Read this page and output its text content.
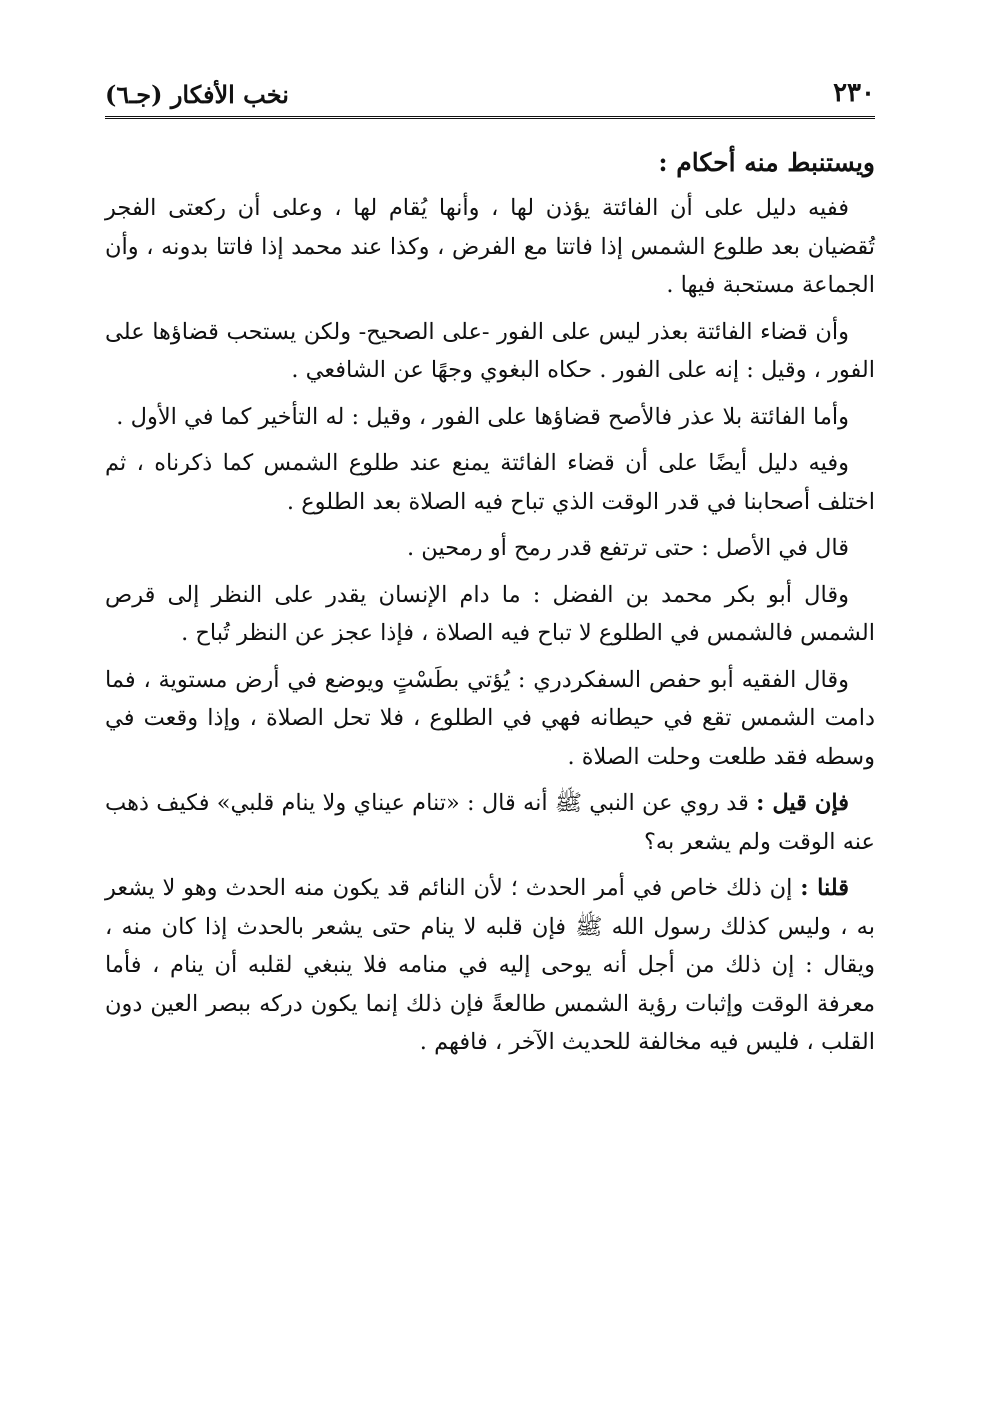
٢٣٠
نخب الأفكار (جـ٦)
ويستنبط منه أحكام :

ففيه دليل على أن الفائتة يؤذن لها ، وأنها يُقام لها ، وعلى أن ركعتى الفجر تُقضيان بعد طلوع الشمس إذا فاتتا مع الفرض ، وكذا عند محمد إذا فاتتا بدونه ، وأن الجماعة مستحبة فيها .

وأن قضاء الفائتة بعذر ليس على الفور -على الصحيح- ولكن يستحب قضاؤها على الفور ، وقيل : إنه على الفور . حكاه البغوي وجهًا عن الشافعي .

وأما الفائتة بلا عذر فالأصح قضاؤها على الفور ، وقيل : له التأخير كما في الأول .

وفيه دليل أيضًا على أن قضاء الفائتة يمنع عند طلوع الشمس كما ذكرناه ، ثم اختلف أصحابنا في قدر الوقت الذي تباح فيه الصلاة بعد الطلوع .

قال في الأصل : حتى ترتفع قدر رمح أو رمحين .

وقال أبو بكر محمد بن الفضل : ما دام الإنسان يقدر على النظر إلى قرص الشمس فالشمس في الطلوع لا تباح فيه الصلاة ، فإذا عجز عن النظر تُباح .

وقال الفقيه أبو حفص السفكردري : يُؤتي بطَسْتٍ ويوضع في أرض مستوية ، فما دامت الشمس تقع في حيطانه فهي في الطلوع ، فلا تحل الصلاة ، وإذا وقعت في وسطه فقد طلعت وحلت الصلاة .

فإن قيل : قد روي عن النبي ﷺ أنه قال : «تنام عيناي ولا ينام قلبي» فكيف ذهب عنه الوقت ولم يشعر به؟

قلنا : إن ذلك خاص في أمر الحدث ؛ لأن النائم قد يكون منه الحدث وهو لا يشعر به ، وليس كذلك رسول الله ﷺ فإن قلبه لا ينام حتى يشعر بالحدث إذا كان منه ، ويقال : إن ذلك من أجل أنه يوحى إليه في منامه فلا ينبغي لقلبه أن ينام ، فأما معرفة الوقت وإثبات رؤية الشمس طالعةً فإن ذلك إنما يكون دركه ببصر العين دون القلب ، فليس فيه مخالفة للحديث الآخر ، فافهم .
